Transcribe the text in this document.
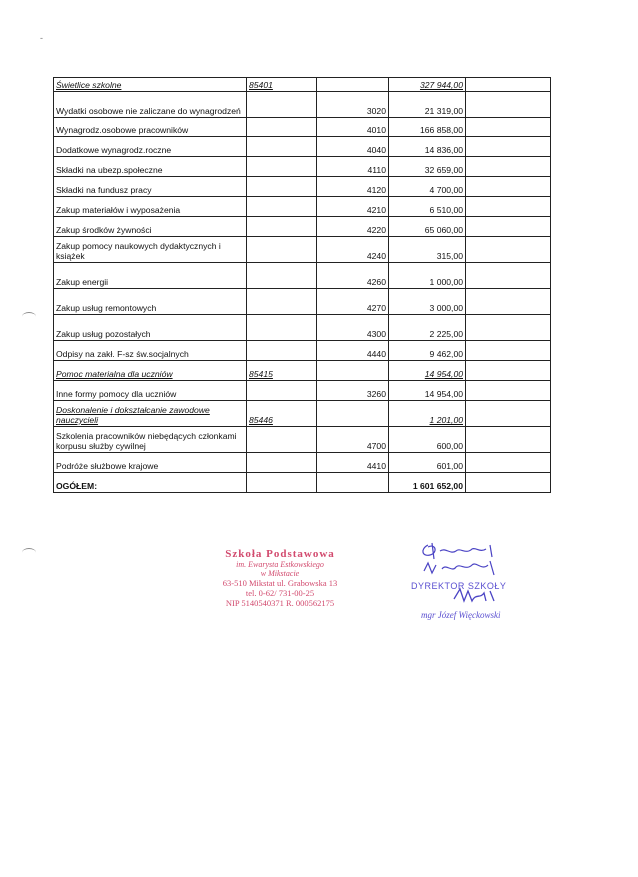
-
Świetlice szkolne	85401		327 944,00	
Wydatki osobowe nie zaliczane do wynagrodzeń		3020	21 319,00	
Wynagrodz.osobowe pracowników		4010	166 858,00	
Dodatkowe wynagrodz.roczne		4040	14 836,00	
Składki na ubezp.społeczne		4110	32 659,00	
Składki na fundusz pracy		4120	4 700,00	
Zakup materiałów i wyposażenia		4210	6 510,00	
Zakup środków żywności		4220	65 060,00	
Zakup pomocy naukowych dydaktycznych i książek		4240	315,00	
Zakup energii		4260	1 000,00	
Zakup usług remontowych		4270	3 000,00	
Zakup usług pozostałych		4300	2 225,00	
Odpisy na zakł. F-sz św.socjalnych		4440	9 462,00	
Pomoc materialna dla uczniów	85415		14 954,00	
Inne formy pomocy dla uczniów		3260	14 954,00	
Doskonalenie i dokształcanie zawodowe nauczycieli	85446		1 201,00	
Szkolenia pracowników niebędących członkami korpusu służby cywilnej		4700	600,00	
Podróże służbowe krajowe		4410	601,00	
OGÓŁEM:			1 601 652,00	
Szkoła Podstawowa
im. Ewarysta Estkowskiego
w Mikstacie
63-510 Mikstat ul. Grabowska 13
tel. 0-62/ 731-00-25
NIP 5140540371 R. 000562175
DYREKTOR SZKOŁY
mgr Józef Więckowski
